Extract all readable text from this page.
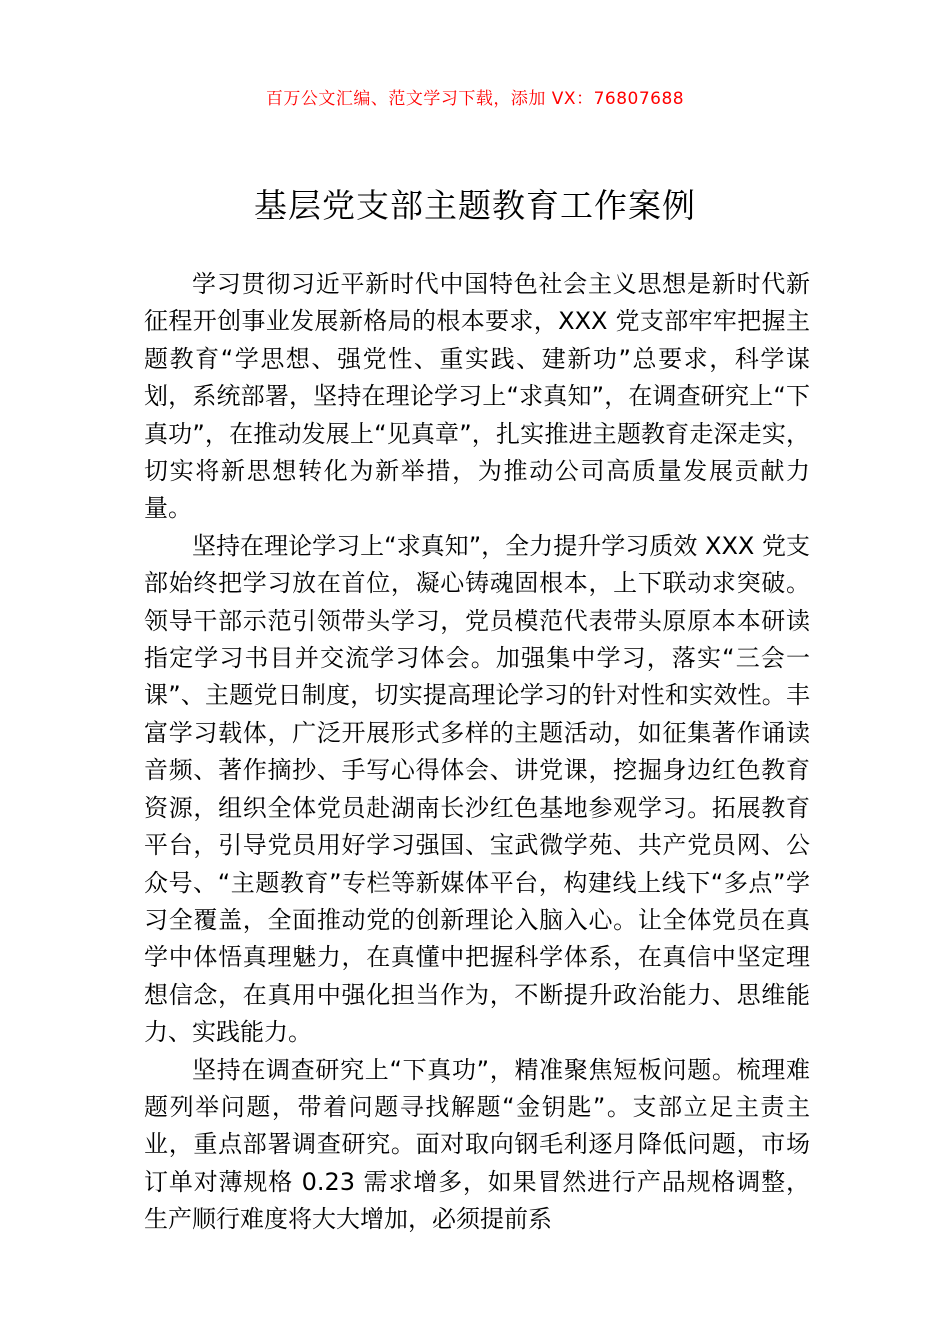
百万公文汇编、范文学习下载，添加 VX：76807688
基层党支部主题教育工作案例

学习贯彻习近平新时代中国特色社会主义思想是新时代新征程开创事业发展新格局的根本要求，XXX 党支部牢牢把握主题教育“学思想、强党性、重实践、建新功”总要求，科学谋划，系统部署，坚持在理论学习上“求真知”，在调查研究上“下真功”，在推动发展上“见真章”，扎实推进主题教育走深走实，切实将新思想转化为新举措，为推动公司高质量发展贡献力量。

坚持在理论学习上“求真知”，全力提升学习质效 XXX 党支部始终把学习放在首位，凝心铸魂固根本，上下联动求突破。领导干部示范引领带头学习，党员模范代表带头原原本本研读指定学习书目并交流学习体会。加强集中学习，落实“三会一课”、主题党日制度，切实提高理论学习的针对性和实效性。丰富学习载体，广泛开展形式多样的主题活动，如征集著作诵读音频、著作摘抄、手写心得体会、讲党课，挖掘身边红色教育资源，组织全体党员赴湖南长沙红色基地参观学习。拓展教育平台，引导党员用好学习强国、宝武微学苑、共产党员网、公众号、“主题教育”专栏等新媒体平台，构建线上线下“多点”学习全覆盖，全面推动党的创新理论入脑入心。让全体党员在真学中体悟真理魅力，在真懂中把握科学体系，在真信中坚定理想信念，在真用中强化担当作为，不断提升政治能力、思维能力、实践能力。

坚持在调查研究上“下真功”，精准聚焦短板问题。梳理难题列举问题，带着问题寻找解题“金钥匙”。支部立足主责主业，重点部署调查研究。面对取向钢毛利逐月降低问题，市场订单对薄规格 0.23 需求增多，如果冒然进行产品规格调整，生产顺行难度将大大增加，必须提前系
